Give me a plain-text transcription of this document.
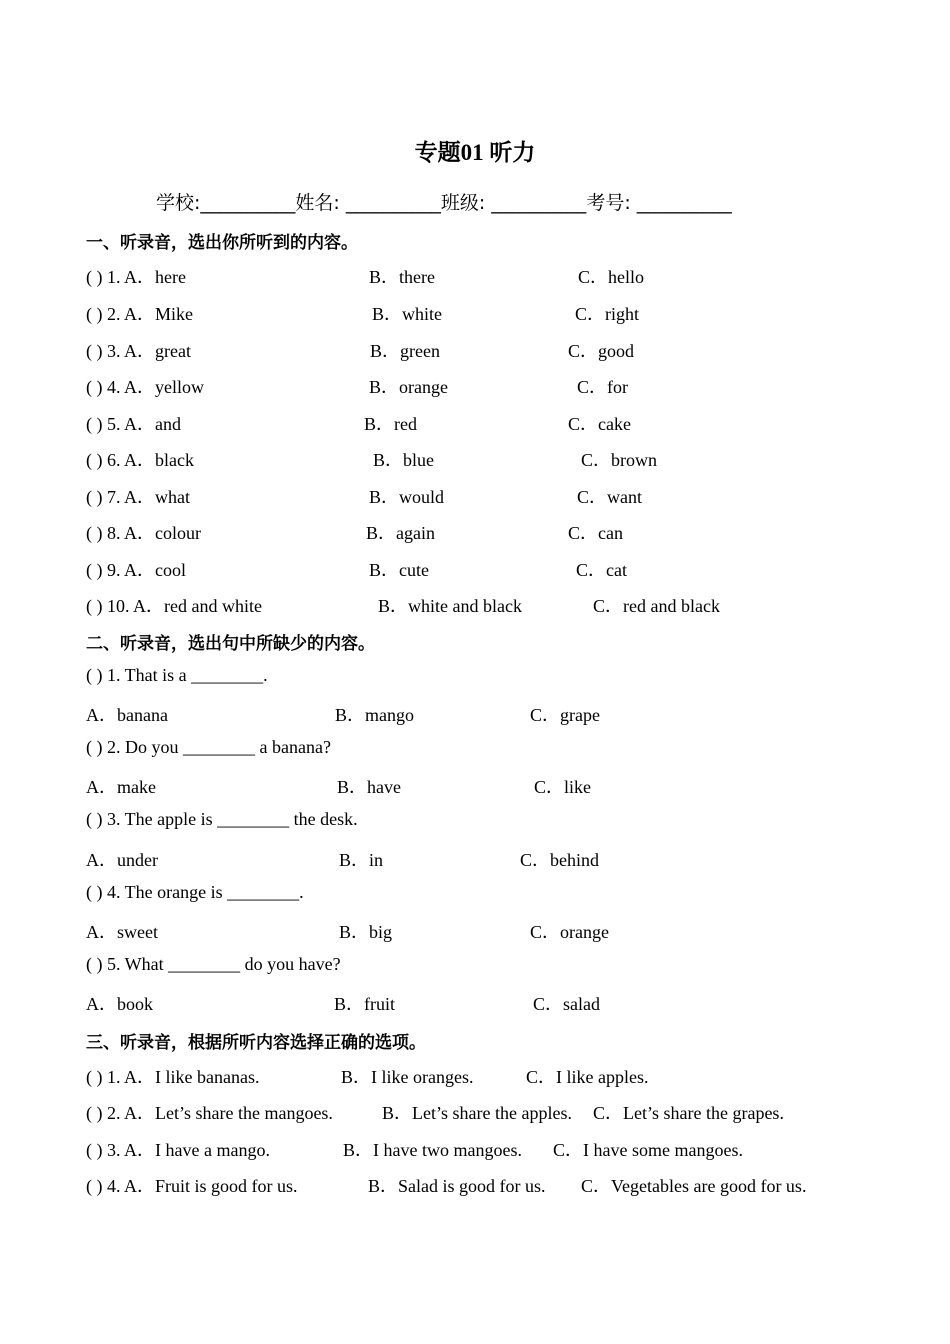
专题01 听力
学校:__________姓名: __________班级: __________考号: __________
一、听录音，选出你所听到的内容。
( ) 1. A．here	B．there	C．hello
( ) 2. A．Mike	B．white	C．right
( ) 3. A．great	B．green	C．good
( ) 4. A．yellow	B．orange	C．for
( ) 5. A．and	B．red	C．cake
( ) 6. A．black	B．blue	C．brown
( ) 7. A．what	B．would	C．want
( ) 8. A．colour	B．again	C．can
( ) 9. A．cool	B．cute	C．cat
( ) 10. A．red and white	B．white and black	C．red and black
二、听录音，选出句中所缺少的内容。
( ) 1. That is a ________.
A．banana	B．mango	C．grape
( ) 2. Do you ________ a banana?
A．make	B．have	C．like
( ) 3. The apple is ________ the desk.
A．under	B．in	C．behind
( ) 4. The orange is ________.
A．sweet	B．big	C．orange
( ) 5. What ________ do you have?
A．book	B．fruit	C．salad
三、听录音，根据所听内容选择正确的选项。
( ) 1. A．I like bananas.	B．I like oranges.	C．I like apples.
( ) 2. A．Let’s share the mangoes.	B．Let’s share the apples. C．Let’s share the grapes.
( ) 3. A．I have a mango.	B．I have two mangoes. C．I have some mangoes.
( ) 4. A．Fruit is good for us.	B．Salad is good for us. C．Vegetables are good for us.
